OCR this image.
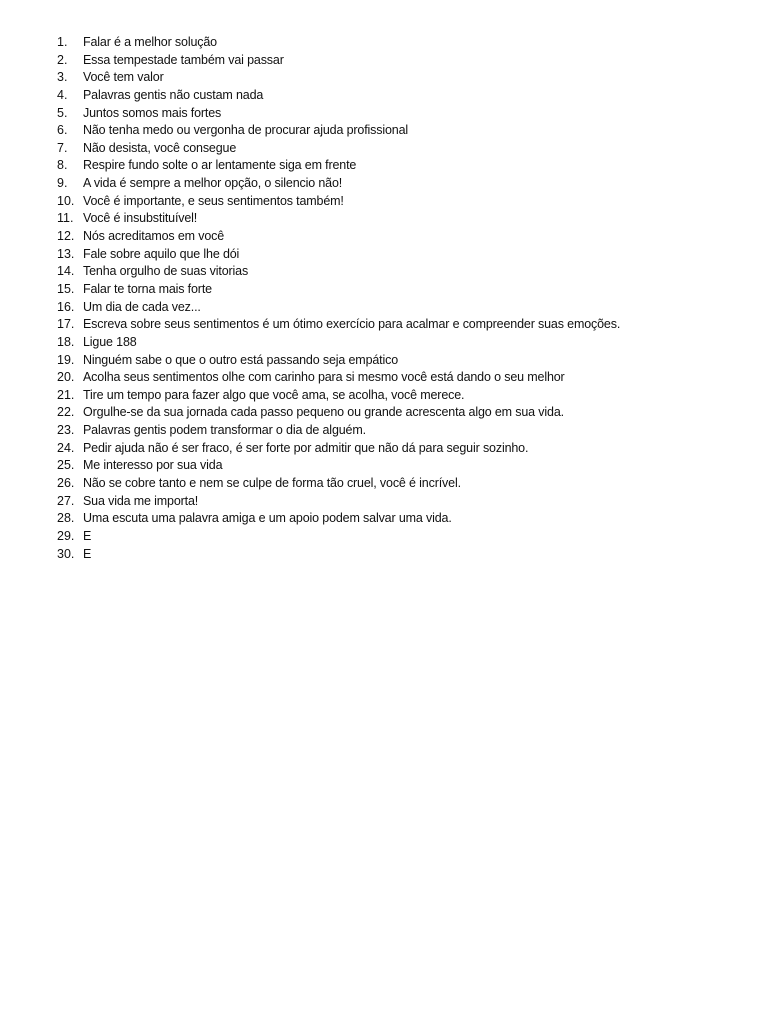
1.	Falar é a melhor solução
2.	Essa tempestade também vai passar
3.	Você tem valor
4.	Palavras gentis não custam nada
5.	Juntos somos mais fortes
6.	Não tenha medo ou vergonha de procurar ajuda profissional
7.	Não desista, você consegue
8.	Respire fundo solte o ar lentamente siga em frente
9.	A vida é sempre a melhor opção, o silencio não!
10. Você é importante, e seus sentimentos também!
11. Você é insubstituível!
12. Nós acreditamos em você
13. Fale sobre aquilo que lhe dói
14. Tenha orgulho de suas vitorias
15. Falar te torna mais forte
16. Um dia de cada vez...
17. Escreva sobre seus sentimentos é um ótimo exercício para acalmar e compreender suas emoções.
18. Ligue 188
19. Ninguém sabe o que o outro está passando seja empático
20. Acolha seus sentimentos olhe com carinho para si mesmo você está dando o seu melhor
21. Tire um tempo para fazer algo que você ama, se acolha, você merece.
22. Orgulhe-se da sua jornada cada passo pequeno ou grande acrescenta algo em sua vida.
23. Palavras gentis podem transformar o dia de alguém.
24. Pedir ajuda não é ser fraco, é ser forte por admitir que não dá para seguir sozinho.
25. Me interesso por sua vida
26. Não se cobre tanto e nem se culpe de forma tão cruel, você é incrível.
27. Sua vida me importa!
28. Uma escuta uma palavra amiga e um apoio podem salvar uma vida.
29. E
30. E
